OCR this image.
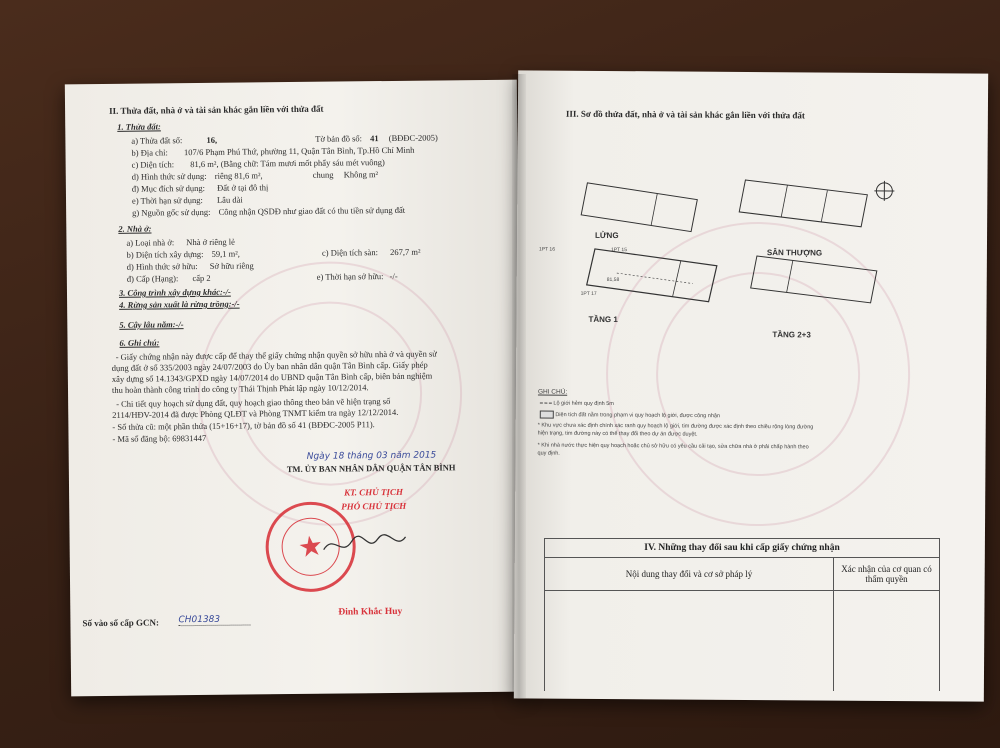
II. Thửa đất, nhà ở và tài sản khác gắn liền với thửa đất
1. Thửa đất:
a) Thửa đất số:	16,	Tờ bản đồ số: 41 (BĐĐC-2005)
b) Địa chỉ: 107/6 Phạm Phú Thứ, phường 11, Quận Tân Bình, Tp.Hồ Chí Minh
c) Diện tích: 81,6 m², (Bằng chữ: Tám mươi mốt phẩy sáu mét vuông)
d) Hình thức sử dụng: riêng 81,6 m²,	chung Không m²
đ) Mục đích sử dụng: Đất ở tại đô thị
e) Thời hạn sử dụng: Lâu dài
g) Nguồn gốc sử dụng: Công nhận QSDĐ như giao đất có thu tiền sử dụng đất
2. Nhà ở:
a) Loại nhà ở: Nhà ở riêng lẻ
b) Diện tích xây dựng: 59,1 m²,	c) Diện tích sàn: 267,7 m²
d) Hình thức sở hữu: Sở hữu riêng
đ) Cấp (Hạng): cấp 2	e) Thời hạn sở hữu: -/-
3. Công trình xây dựng khác:-/-
4. Rừng sản xuất là rừng trồng:-/-
5. Cây lâu năm:-/-
6. Ghi chú:
- Giấy chứng nhận này được cấp để thay thế giấy chứng nhận quyền sở hữu nhà ở và quyền sử
dụng đất ở số 335/2003 ngày 24/07/2003 do Ủy ban nhân dân quận Tân Bình cấp. Giấy phép
xây dựng số 14.1343/GPXD ngày 14/07/2014 do UBND quận Tân Bình cấp, biên bản nghiệm
thu hoàn thành công trình do công ty Thái Thịnh Phát lập ngày 10/12/2014.
- Chi tiết quy hoạch sử dụng đất, quy hoạch giao thông theo bản vẽ hiện trạng số
2114/HĐV-2014 đã được Phòng QLĐT và Phòng TNMT kiểm tra ngày 12/12/2014.
- Số thửa cũ: một phần thửa (15+16+17), tờ bản đồ số 41 (BĐĐC-2005 P11).
- Mã số đăng bộ: 69831447
Ngày 18 tháng 03 năm 2015
TM. ỦY BAN NHÂN DÂN QUẬN TÂN BÌNH
KT. CHỦ TỊCH
PHÓ CHỦ TỊCH
★
Đinh Khắc Huy
Số vào sổ cấp GCN: CH01383
III. Sơ đồ thửa đất, nhà ở và tài sản khác gắn liền với thửa đất
LỬNG
SÂN THƯỢNG
TẦNG 1
TẦNG 2+3
1PT 16	1PT 15
1PT 17
81,58
GHI CHÚ:
Lộ giới hẻm quy định 5m
Diện tích đất nằm trong phạm vi quy hoạch lộ giới, được công nhận
* Khu vực chưa xác định chính xác ranh quy hoạch lộ giới, tim đường được xác định theo chiều rộng lòng đường
hiện trạng, tim đường này có thể thay đổi theo dự án được duyệt.
* Khi nhà nước thực hiện quy hoạch hoặc chủ sở hữu có yêu cầu cải tạo, sửa chữa nhà ở phải chấp hành theo
quy định.
IV. Những thay đổi sau khi cấp giấy chứng nhận	
Nội dung thay đổi và cơ sở pháp lý	Xác nhận của cơ quan có thẩm quyền
